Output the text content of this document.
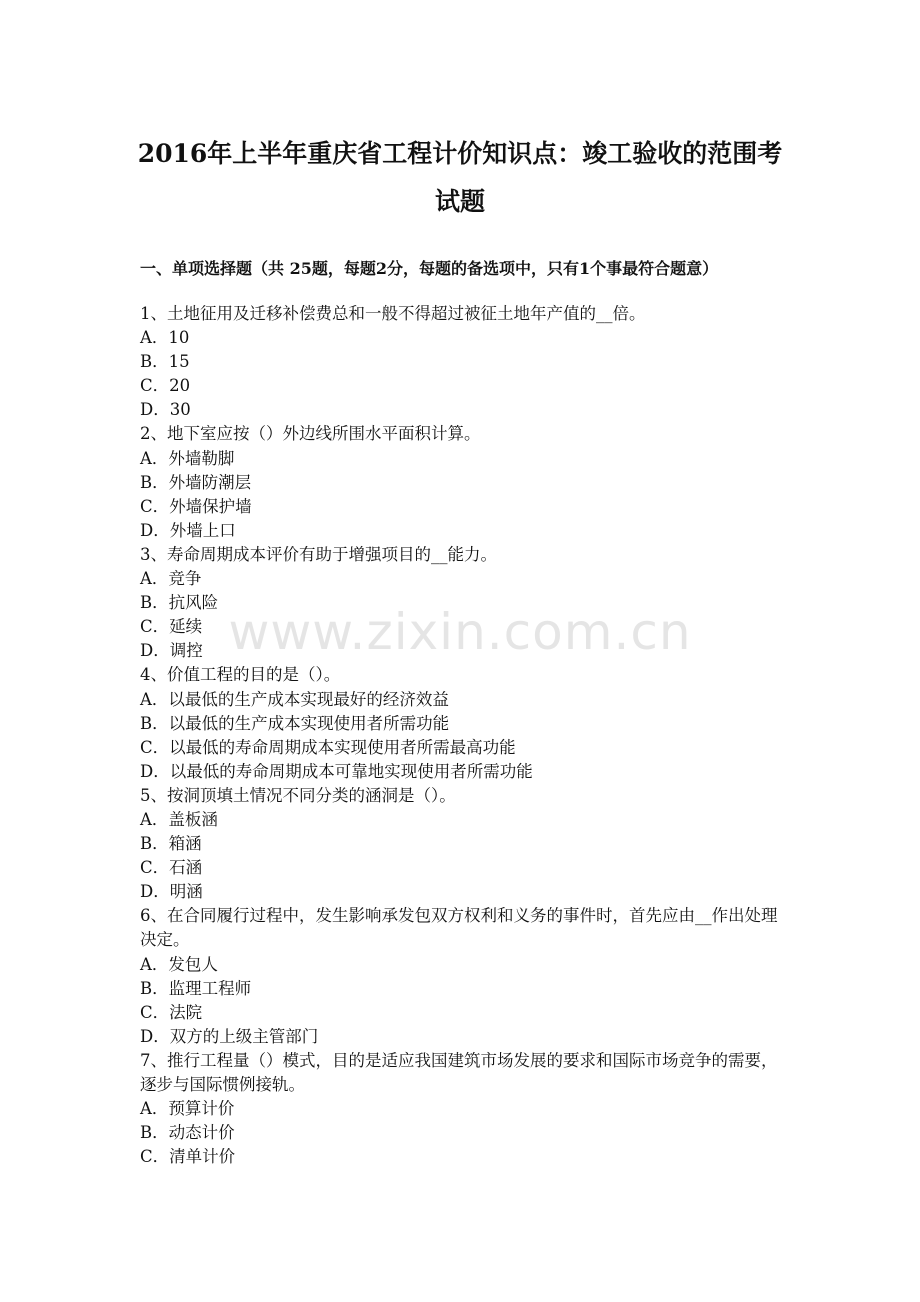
2016年上半年重庆省工程计价知识点：竣工验收的范围考
试题
一、单项选择题（共 25题，每题2分，每题的备选项中，只有1个事最符合题意）
1、土地征用及迁移补偿费总和一般不得超过被征土地年产值的__倍。
A．10
B．15
C．20
D．30
2、地下室应按（）外边线所围水平面积计算。
A．外墙勒脚
B．外墙防潮层
C．外墙保护墙
D．外墙上口
3、寿命周期成本评价有助于增强项目的__能力。
A．竞争
B．抗风险
C．延续
D．调控
4、价值工程的目的是（）。
A．以最低的生产成本实现最好的经济效益
B．以最低的生产成本实现使用者所需功能
C．以最低的寿命周期成本实现使用者所需最高功能
D．以最低的寿命周期成本可靠地实现使用者所需功能
5、按洞顶填土情况不同分类的涵洞是（）。
A．盖板涵
B．箱涵
C．石涵
D．明涵
6、在合同履行过程中，发生影响承发包双方权利和义务的事件时，首先应由__作出处理决定。
A．发包人
B．监理工程师
C．法院
D．双方的上级主管部门
7、推行工程量（）模式，目的是适应我国建筑市场发展的要求和国际市场竞争的需要，逐步与国际惯例接轨。
A．预算计价
B．动态计价
C．清单计价
www.zixin.com.cn
